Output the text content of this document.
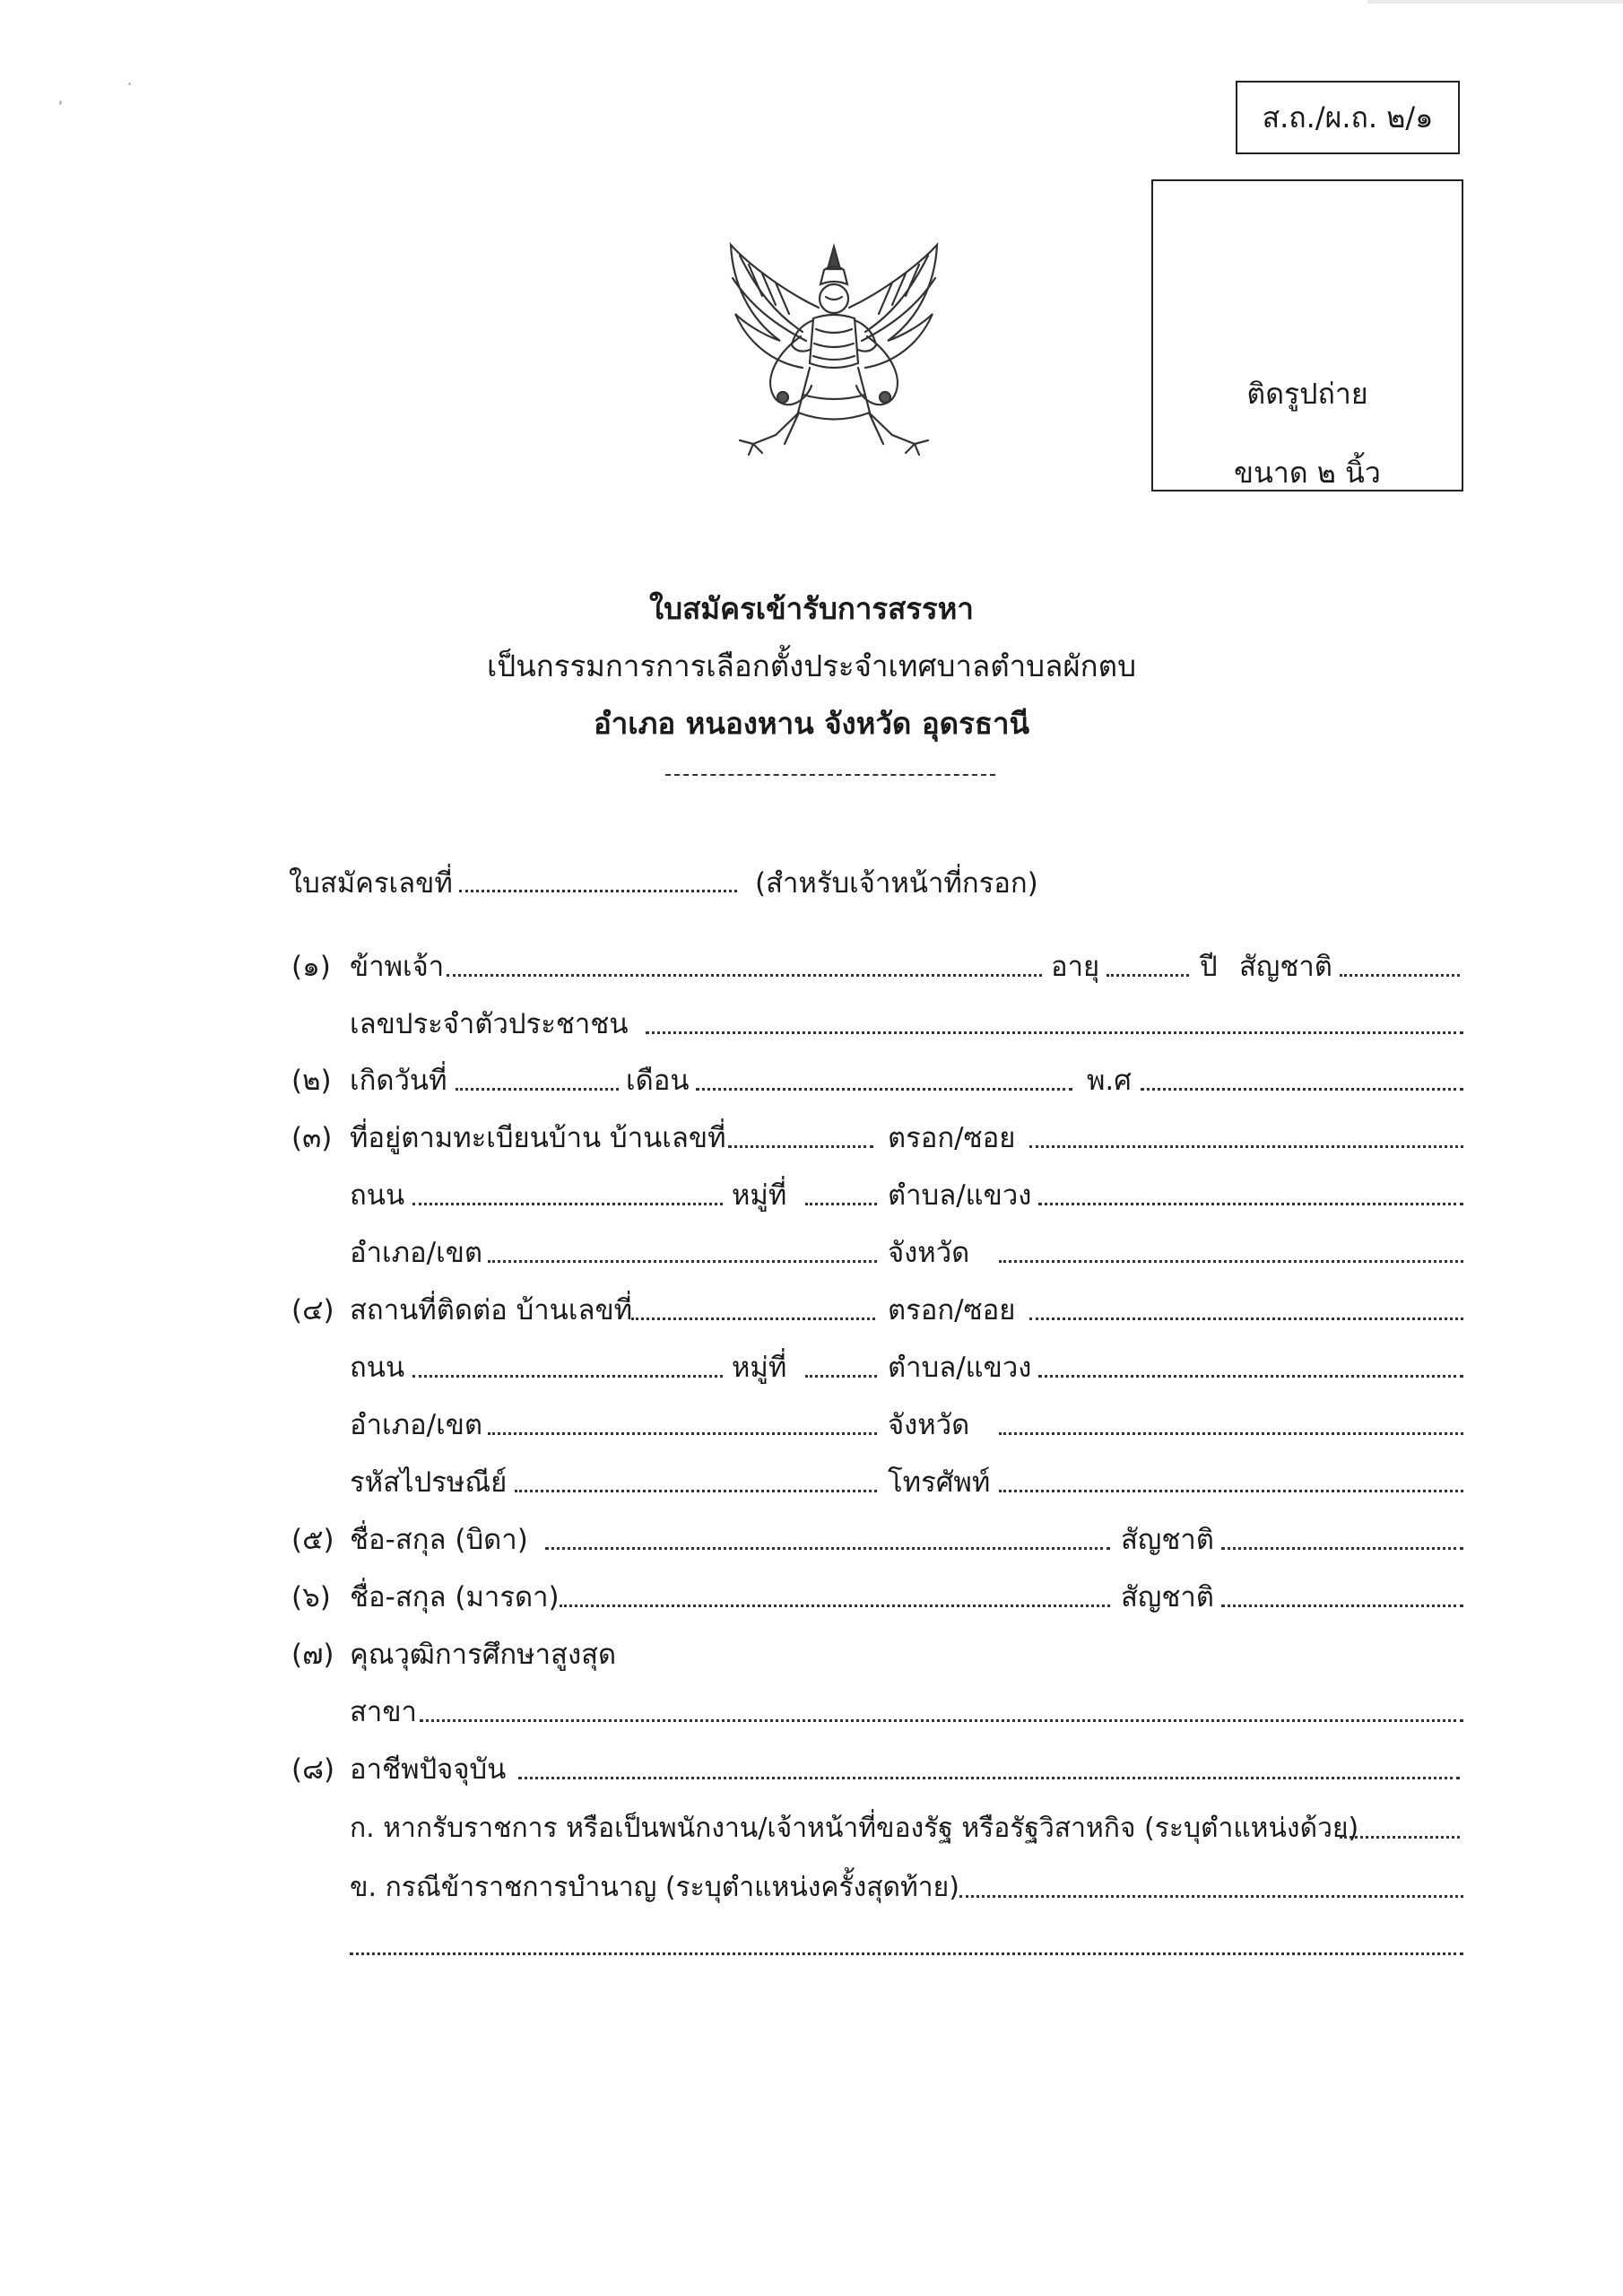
ส.ถ./ผ.ถ. ๒/๑
ติดรูปถ่าย
ขนาด ๒ นิ้ว
ใบสมัครเข้ารับการสรรหา
เป็นกรรมการการเลือกตั้งประจำเทศบาลตำบลผักตบ
อำเภอ หนองหาน จังหวัด อุดรธานี
ใบสมัครเลขที่	(สำหรับเจ้าหน้าที่กรอก)
(๑) ข้าพเจ้า	อายุ	ปี สัญชาติ
เลขประจำตัวประชาชน
(๒) เกิดวันที่	เดือน	พ.ศ
(๓) ที่อยู่ตามทะเบียนบ้าน บ้านเลขที่	ตรอก/ซอย
ถนน	หมู่ที่	ตำบล/แขวง
อำเภอ/เขต	จังหวัด
(๔) สถานที่ติดต่อ บ้านเลขที่	ตรอก/ซอย
ถนน	หมู่ที่	ตำบล/แขวง
อำเภอ/เขต	จังหวัด
รหัสไปรษณีย์	โทรศัพท์
(๕) ชื่อ-สกุล (บิดา)	สัญชาติ
(๖) ชื่อ-สกุล (มารดา)	สัญชาติ
(๗) คุณวุฒิการศึกษาสูงสุด
สาขา
(๘) อาชีพปัจจุบัน
ก. หากรับราชการ หรือเป็นพนักงาน/เจ้าหน้าที่ของรัฐ หรือรัฐวิสาหกิจ (ระบุตำแหน่งด้วย)
ข. กรณีข้าราชการบำนาญ (ระบุตำแหน่งครั้งสุดท้าย)
